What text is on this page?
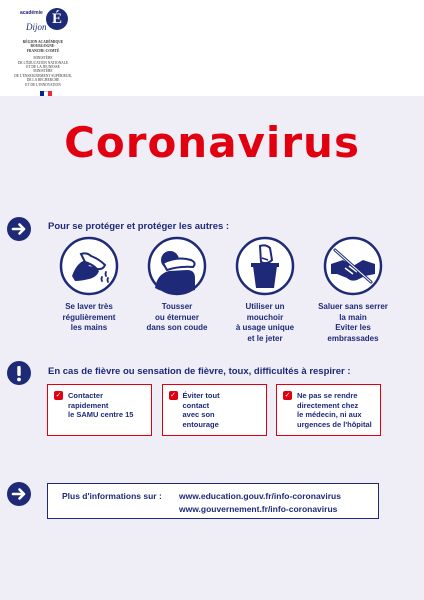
académie
Dijon É
RÉGION ACADÉMIQUE
BOURGOGNE-
FRANCHE-COMTÉ
MINISTÈRE
DE L'ÉDUCATION NATIONALE
ET DE LA JEUNESSE
MINISTÈRE
DE L'ENSEIGNEMENT SUPÉRIEUR,
DE LA RECHERCHE
ET DE L'INNOVATION
Coronavirus
Pour se protéger et protéger les autres :
Se laver très
régulièrement
les mains
Tousser
ou éternuer
dans son coude
Utiliser un
mouchoir
à usage unique
et le jeter
Saluer sans serrer
la main
Eviter les
embrassades
En cas de fièvre ou sensation de fièvre, toux, difficultés à respirer :
✓ Contacter
rapidement
le SAMU centre 15
✓ Éviter tout
contact
avec son
entourage
✓ Ne pas se rendre
directement chez
le médecin, ni aux
urgences de l'hôpital
Plus d'informations sur : www.education.gouv.fr/info-coronavirus
www.gouvernement.fr/info-coronavirus
